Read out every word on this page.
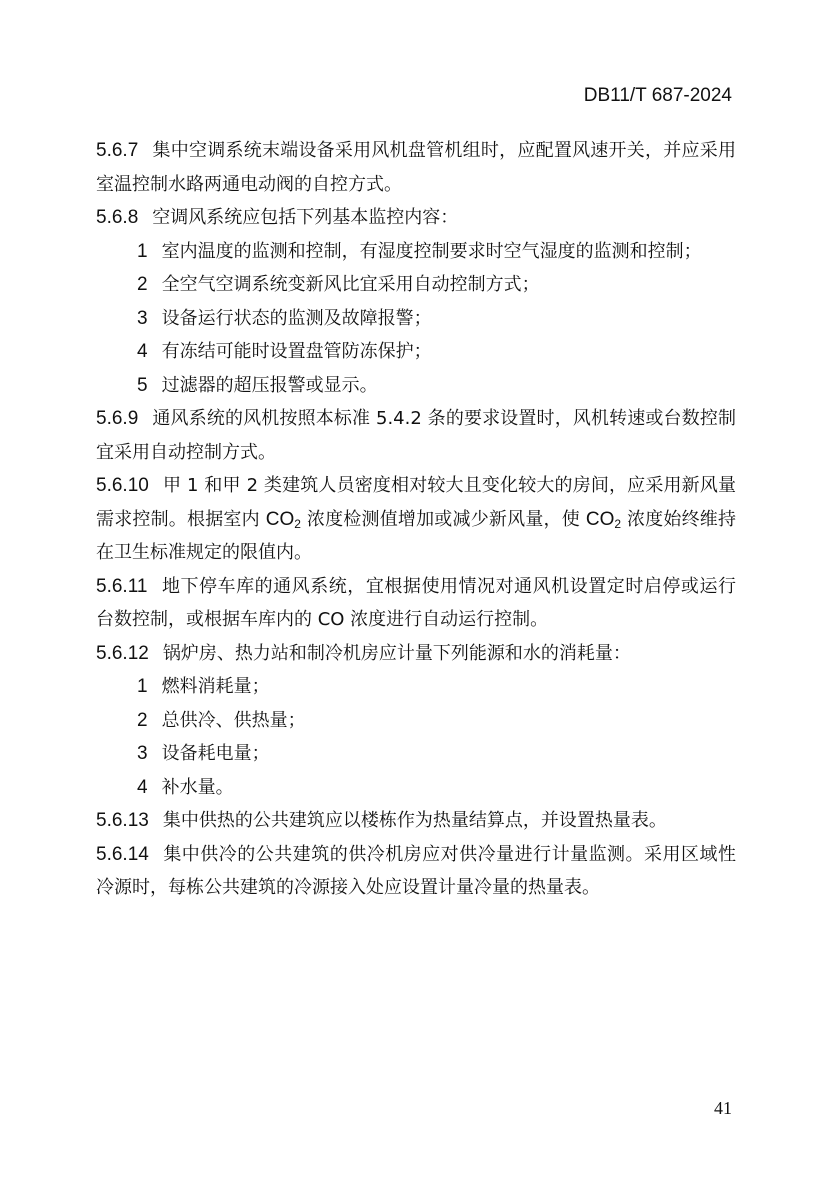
DB11/T 687-2024

5.6.7 集中空调系统末端设备采用风机盘管机组时，应配置风速开关，并应采用室温控制水路两通电动阀的自控方式。

5.6.8 空调风系统应包括下列基本监控内容：

1 室内温度的监测和控制，有湿度控制要求时空气湿度的监测和控制；

2 全空气空调系统变新风比宜采用自动控制方式；

3 设备运行状态的监测及故障报警；

4 有冻结可能时设置盘管防冻保护；

5 过滤器的超压报警或显示。

5.6.9 通风系统的风机按照本标准 5.4.2 条的要求设置时，风机转速或台数控制宜采用自动控制方式。

5.6.10 甲 1 和甲 2 类建筑人员密度相对较大且变化较大的房间，应采用新风量需求控制。根据室内 $CO_2$ 浓度检测值增加或减少新风量，使 $CO_2$ 浓度始终维持在卫生标准规定的限值内。

5.6.11 地下停车库的通风系统，宜根据使用情况对通风机设置定时启停或运行台数控制，或根据车库内的 CO 浓度进行自动运行控制。

5.6.12 锅炉房、热力站和制冷机房应计量下列能源和水的消耗量：

1 燃料消耗量；

2 总供冷、供热量；

3 设备耗电量；

4 补水量。

5.6.13 集中供热的公共建筑应以楼栋作为热量结算点，并设置热量表。

5.6.14 集中供冷的公共建筑的供冷机房应对供冷量进行计量监测。采用区域性冷源时，每栋公共建筑的冷源接入处应设置计量冷量的热量表。

41
